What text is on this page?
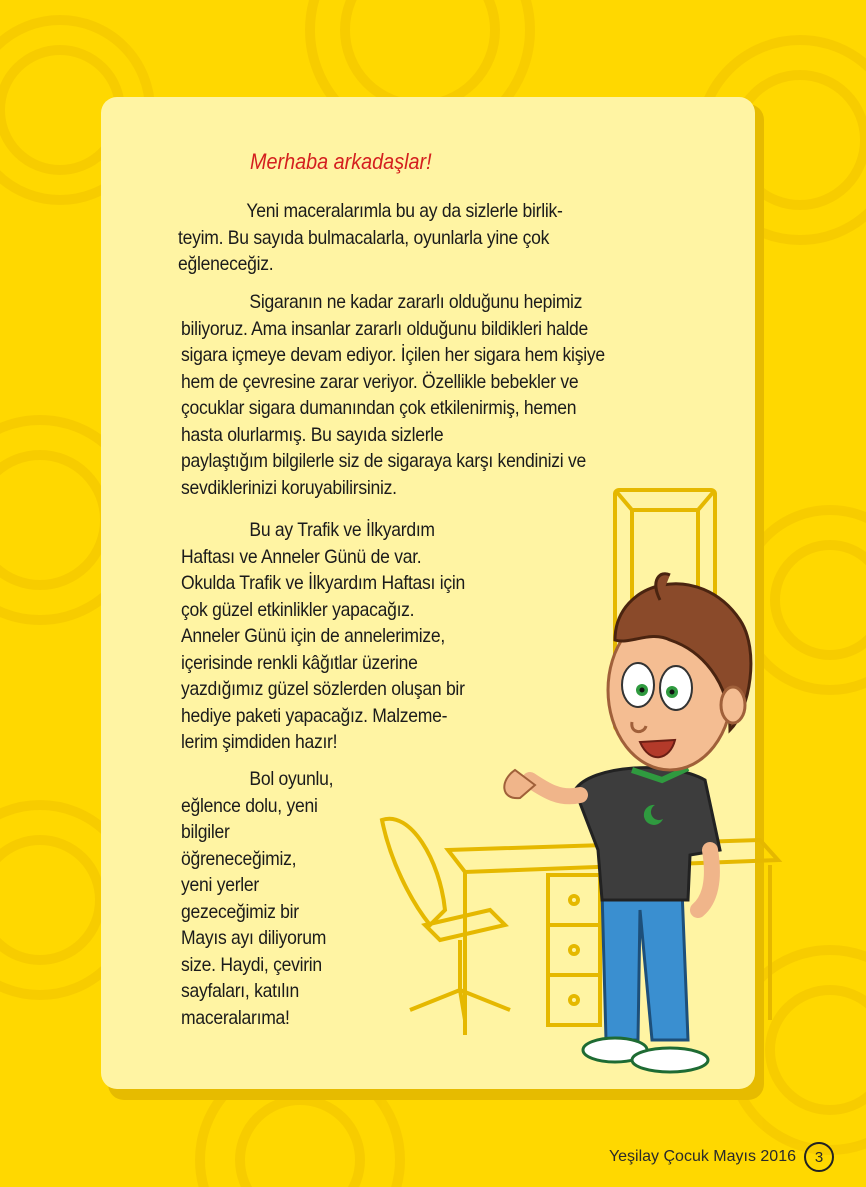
Merhaba arkadaşlar!

Yeni maceralarımla bu ay da sizlerle birlik-
teyim. Bu sayıda bulmacalarla, oyunlarla yine çok
eğleneceğiz.

Sigaranın ne kadar zararlı olduğunu hepimiz
biliyoruz. Ama insanlar zararlı olduğunu bildikleri halde
sigara içmeye devam ediyor. İçilen her sigara hem kişiye
hem de çevresine zarar veriyor. Özellikle bebekler ve
çocuklar sigara dumanından çok etkilenirmiş, hemen
hasta olurlarmış. Bu sayıda sizlerle
paylaştığım bilgilerle siz de sigaraya karşı kendinizi ve
sevdiklerinizi koruyabilirsiniz.

Bu ay Trafik ve İlkyardım
Haftası ve Anneler Günü de var.
Okulda Trafik ve İlkyardım Haftası için
çok güzel etkinlikler yapacağız.
Anneler Günü için de annelerimize,
içerisinde renkli kâğıtlar üzerine
yazdığımız güzel sözlerden oluşan bir
hediye paketi yapacağız. Malzeme-
lerim şimdiden hazır!

Bol oyunlu,
eğlence dolu, yeni
bilgiler
öğreneceğimiz,
yeni yerler
gezeceğimiz bir
Mayıs ayı diliyorum
size. Haydi, çevirin
sayfaları, katılın
maceralarıma!

Yeşilay Çocuk Mayıs 2016	3
